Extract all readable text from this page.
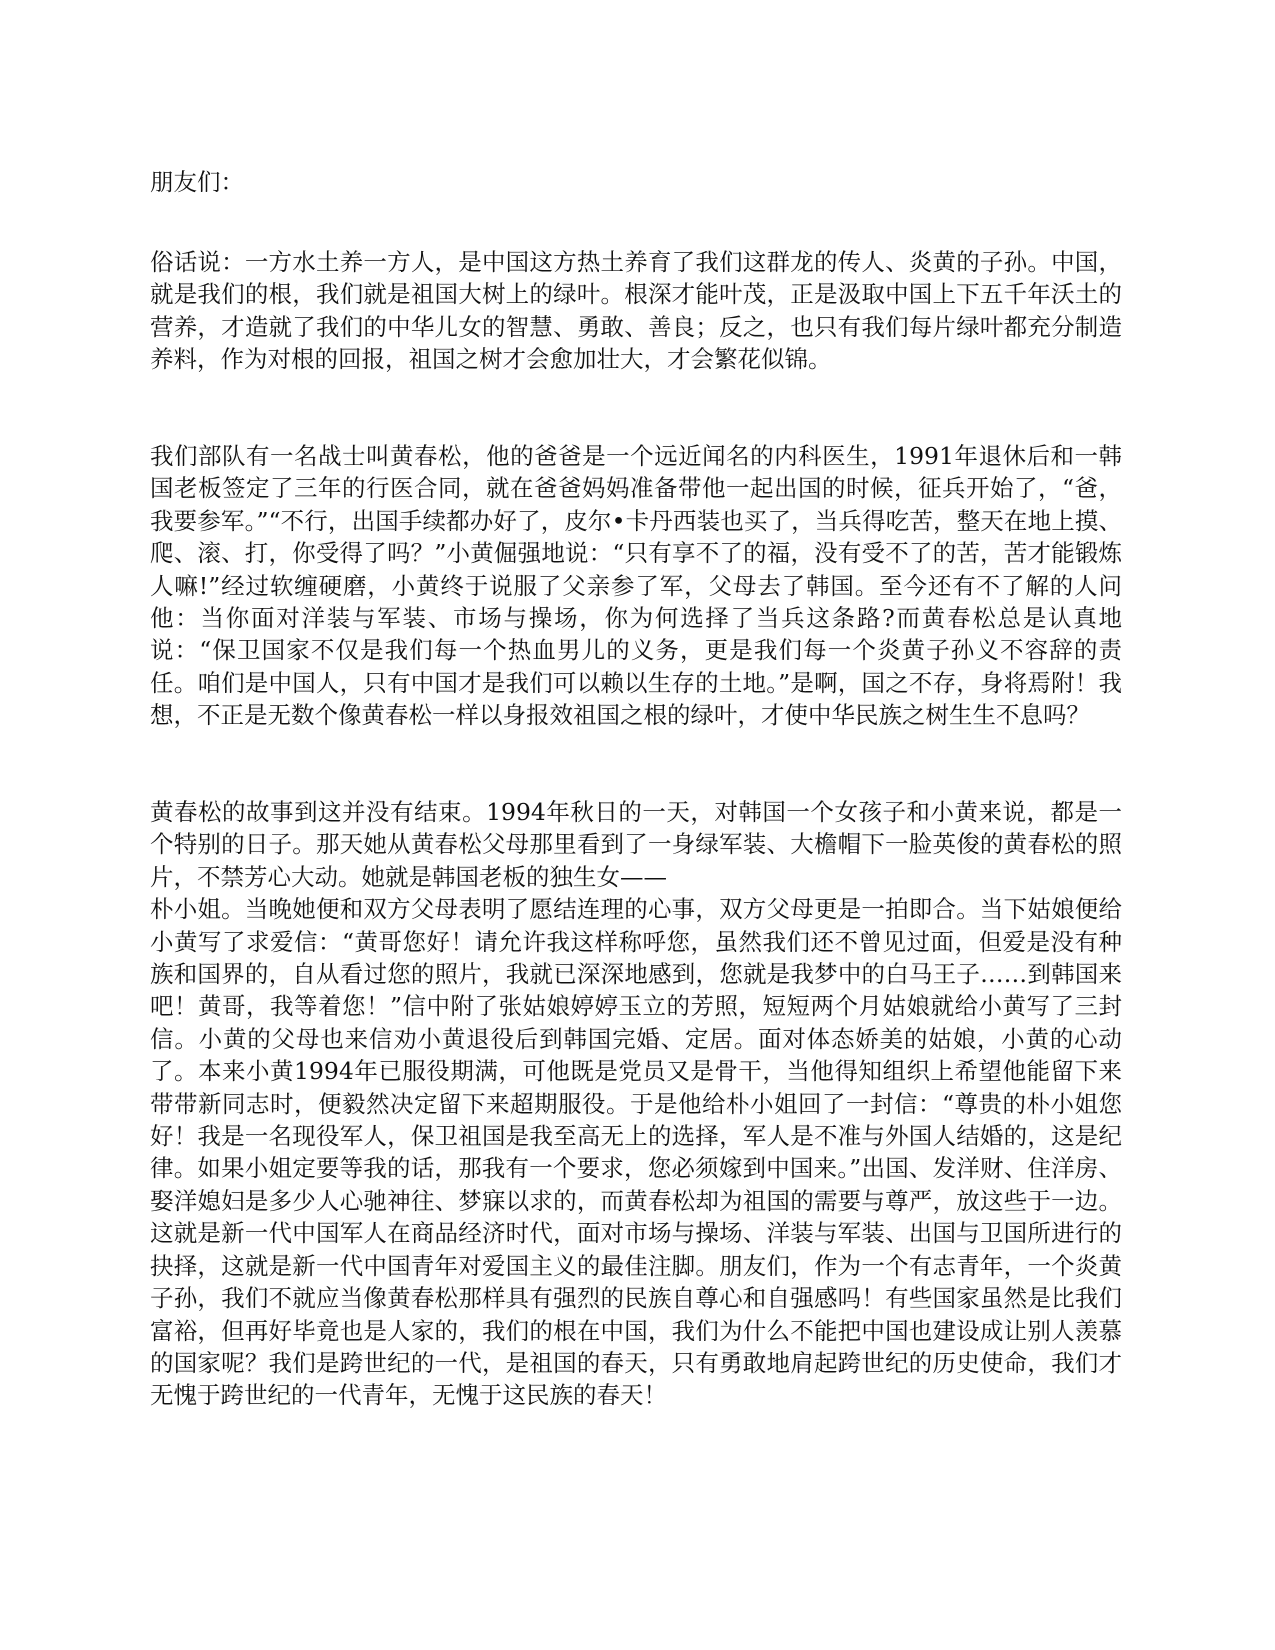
朋友们：

俗话说：一方水土养一方人，是中国这方热土养育了我们这群龙的传人、炎黄的子孙。中国，就是我们的根，我们就是祖国大树上的绿叶。根深才能叶茂，正是汲取中国上下五千年沃土的营养，才造就了我们的中华儿女的智慧、勇敢、善良；反之，也只有我们每片绿叶都充分制造养料，作为对根的回报，祖国之树才会愈加壮大，才会繁花似锦。

我们部队有一名战士叫黄春松，他的爸爸是一个远近闻名的内科医生，1991年退休后和一韩国老板签定了三年的行医合同，就在爸爸妈妈准备带他一起出国的时候，征兵开始了，“爸，我要参军。”“不行，出国手续都办好了，皮尔•卡丹西装也买了，当兵得吃苦，整天在地上摸、爬、滚、打，你受得了吗？”小黄倔强地说：“只有享不了的福，没有受不了的苦，苦才能锻炼人嘛!”经过软缠硬磨，小黄终于说服了父亲参了军，父母去了韩国。至今还有不了解的人问他：当你面对洋装与军装、市场与操场，你为何选择了当兵这条路?而黄春松总是认真地说：“保卫国家不仅是我们每一个热血男儿的义务，更是我们每一个炎黄子孙义不容辞的责任。咱们是中国人，只有中国才是我们可以赖以生存的土地。”是啊，国之不存，身将焉附！我想，不正是无数个像黄春松一样以身报效祖国之根的绿叶，才使中华民族之树生生不息吗？

黄春松的故事到这并没有结束。1994年秋日的一天，对韩国一个女孩子和小黄来说，都是一个特别的日子。那天她从黄春松父母那里看到了一身绿军装、大檐帽下一脸英俊的黄春松的照片，不禁芳心大动。她就是韩国老板的独生女——
朴小姐。当晚她便和双方父母表明了愿结连理的心事，双方父母更是一拍即合。当下姑娘便给小黄写了求爱信：“黄哥您好！请允许我这样称呼您，虽然我们还不曾见过面，但爱是没有种族和国界的，自从看过您的照片，我就已深深地感到，您就是我梦中的白马王子……到韩国来吧！黄哥，我等着您！”信中附了张姑娘婷婷玉立的芳照，短短两个月姑娘就给小黄写了三封信。小黄的父母也来信劝小黄退役后到韩国完婚、定居。面对体态娇美的姑娘，小黄的心动了。本来小黄1994年已服役期满，可他既是党员又是骨干，当他得知组织上希望他能留下来带带新同志时，便毅然决定留下来超期服役。于是他给朴小姐回了一封信：“尊贵的朴小姐您好！我是一名现役军人，保卫祖国是我至高无上的选择，军人是不准与外国人结婚的，这是纪律。如果小姐定要等我的话，那我有一个要求，您必须嫁到中国来。”出国、发洋财、住洋房、娶洋媳妇是多少人心驰神往、梦寐以求的，而黄春松却为祖国的需要与尊严，放这些于一边。这就是新一代中国军人在商品经济时代，面对市场与操场、洋装与军装、出国与卫国所进行的抉择，这就是新一代中国青年对爱国主义的最佳注脚。朋友们，作为一个有志青年，一个炎黄子孙，我们不就应当像黄春松那样具有强烈的民族自尊心和自强感吗！有些国家虽然是比我们富裕，但再好毕竟也是人家的，我们的根在中国，我们为什么不能把中国也建设成让别人羡慕的国家呢？我们是跨世纪的一代，是祖国的春天，只有勇敢地肩起跨世纪的历史使命，我们才无愧于跨世纪的一代青年，无愧于这民族的春天！
